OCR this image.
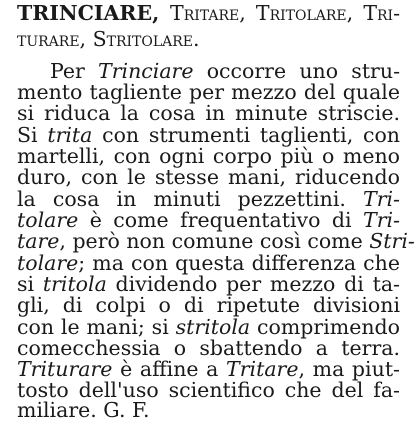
TRINCIARE, Tritare, Tritolare, Tri-
turare, Stritolare.
Per Trinciare occorre uno stru-
mento tagliente per mezzo del quale
si riduca la cosa in minute striscie.
Si trita con strumenti taglienti, con
martelli, con ogni corpo più o meno
duro, con le stesse mani, riducendo
la cosa in minuti pezzettini. Tri-
tolare è come frequentativo di Tri-
tare, però non comune così come Stri-
tolare; ma con questa differenza che
si tritola dividendo per mezzo di ta-
gli, di colpi o di ripetute divisioni
con le mani; si stritola comprimendo
comecchessia o sbattendo a terra.
Triturare è affine a Tritare, ma piut-
tosto dell'uso scientifico che del fa-
miliare. G. F.
